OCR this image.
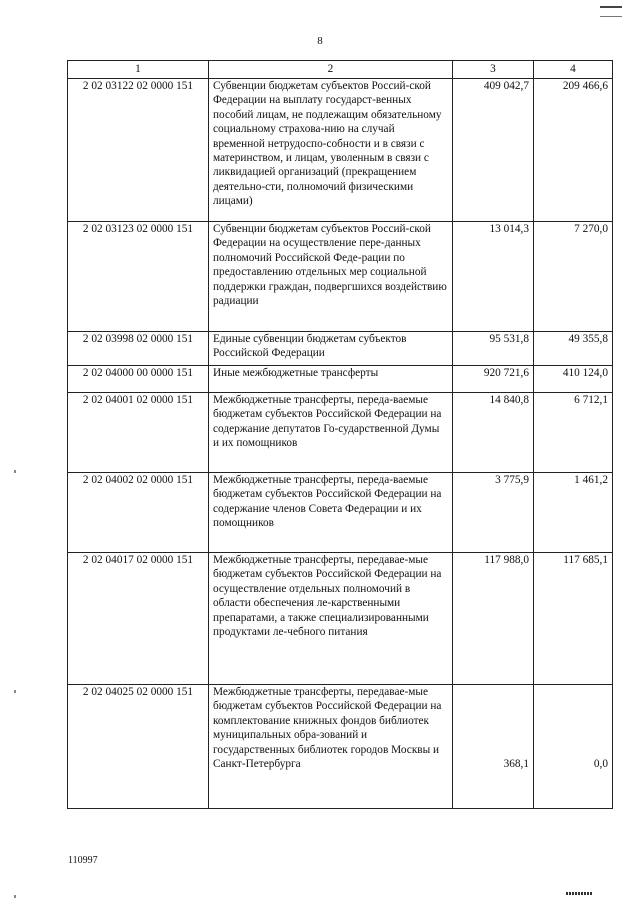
8
1	2	3	4
2 02 03122 02 0000 151	Субвенции бюджетам субъектов Россий-ской Федерации на выплату государст-венных пособий лицам, не подлежащим обязательному социальному страхова-нию на случай временной нетрудоспо-собности и в связи с материнством, и лицам, уволенным в связи с ликвидацией организаций (прекращением деятельно-сти, полномочий физическими лицами)	409 042,7	209 466,6
2 02 03123 02 0000 151	Субвенции бюджетам субъектов Россий-ской Федерации на осуществление пере-данных полномочий Российской Феде-рации по предоставлению отдельных мер социальной поддержки граждан, подвергшихся воздействию радиации	13 014,3	7 270,0
2 02 03998 02 0000 151	Единые субвенции бюджетам субъектов Российской Федерации	95 531,8	49 355,8
2 02 04000 00 0000 151	Иные межбюджетные трансферты	920 721,6	410 124,0
2 02 04001 02 0000 151	Межбюджетные трансферты, переда-ваемые бюджетам субъектов Российской Федерации на содержание депутатов Го-сударственной Думы и их помощников	14 840,8	6 712,1
2 02 04002 02 0000 151	Межбюджетные трансферты, переда-ваемые бюджетам субъектов Российской Федерации на содержание членов Совета Федерации и их помощников	3 775,9	1 461,2
2 02 04017 02 0000 151	Межбюджетные трансферты, передавае-мые бюджетам субъектов Российской Федерации на осуществление отдельных полномочий в области обеспечения ле-карственными препаратами, а также специализированными продуктами ле-чебного питания	117 988,0	117 685,1
2 02 04025 02 0000 151	Межбюджетные трансферты, передавае-мые бюджетам субъектов Российской Федерации на комплектование книжных фондов библиотек муниципальных обра-зований и государственных библиотек городов Москвы и Санкт-Петербурга	368,1	0,0
110997
